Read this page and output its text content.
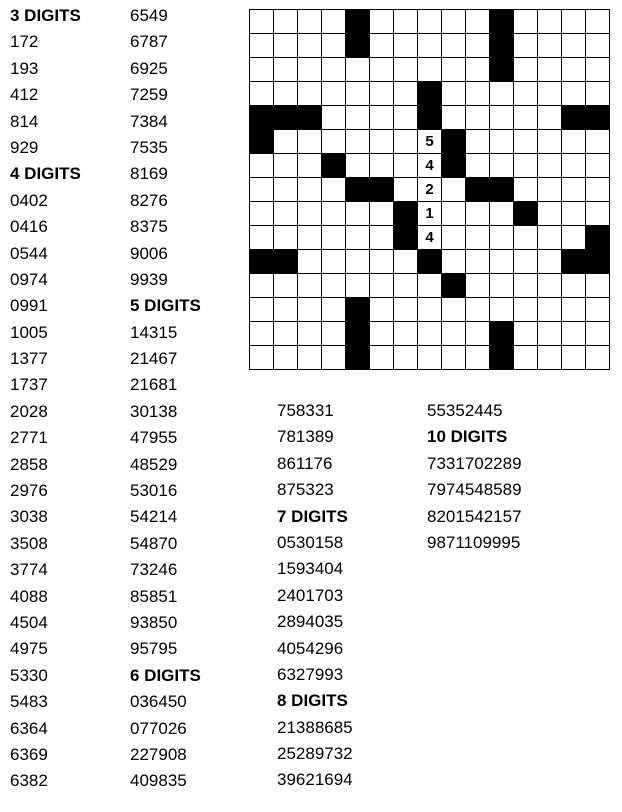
3 DIGITS
172
193
412
814
929
4 DIGITS
0402
0416
0544
0974
0991
1005
1377
1737
2028
2771
2858
2976
3038
3508
3774
4088
4504
4975
5330
5483
6364
6369
6382
6549
6787
6925
7259
7384
7535
8169
8276
8375
9006
9939
5 DIGITS
14315
21467
21681
30138
47955
48529
53016
54214
54870
73246
85851
93850
95795
6 DIGITS
036450
077026
227908
409835
758331
781389
861176
875323
7 DIGITS
0530158
1593404
2401703
2894035
4054296
6327993
8 DIGITS
21388685
25289732
39621694
55352445
10 DIGITS
7331702289
7974548589
8201542157
9871109995
5
4
2
1
4
